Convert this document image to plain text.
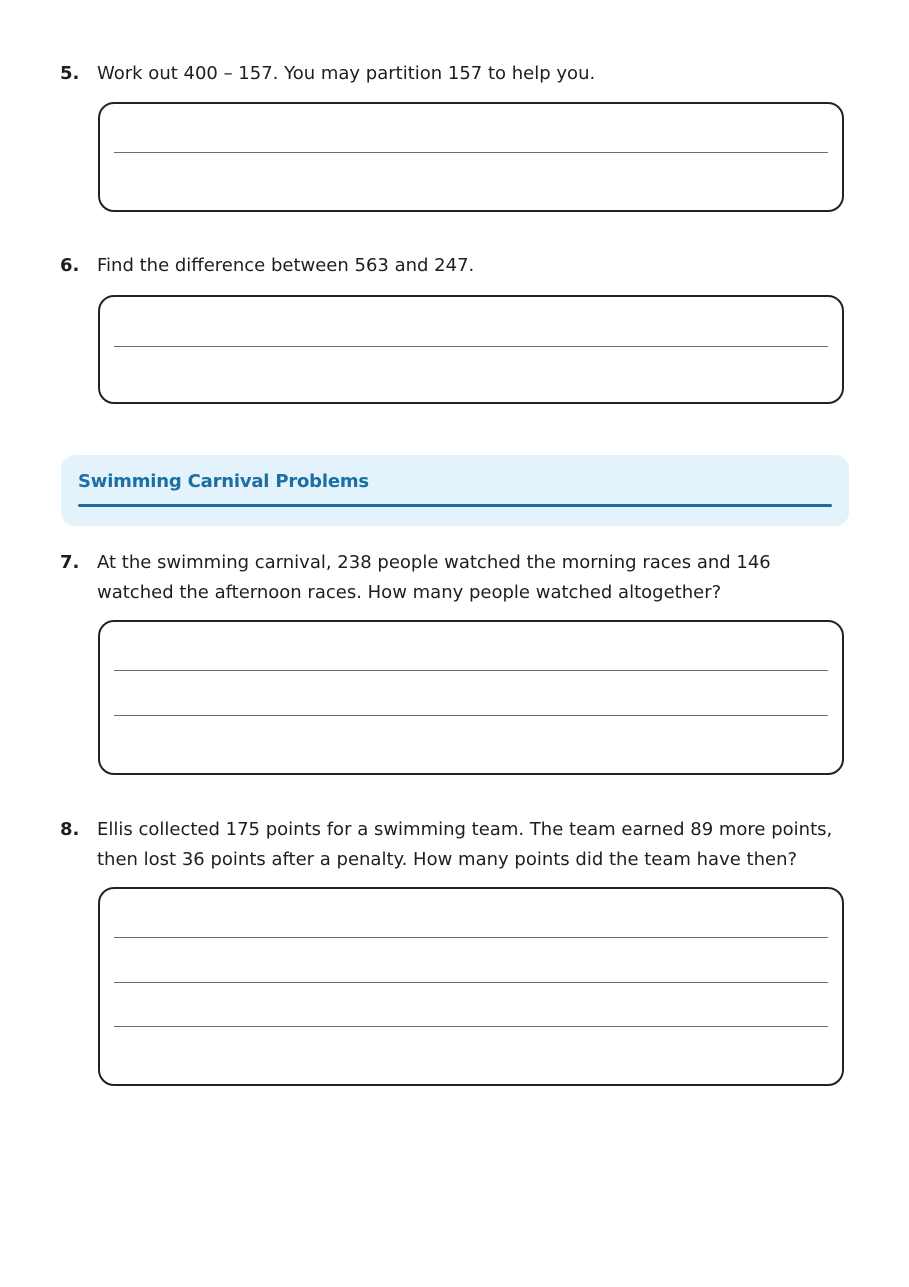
5. Work out 400 – 157. You may partition 157 to help you.
6. Find the difference between 563 and 247.
Swimming Carnival Problems
7. At the swimming carnival, 238 people watched the morning races and 146 watched the afternoon races. How many people watched altogether?
8. Ellis collected 175 points for a swimming team. The team earned 89 more points, then lost 36 points after a penalty. How many points did the team have then?
